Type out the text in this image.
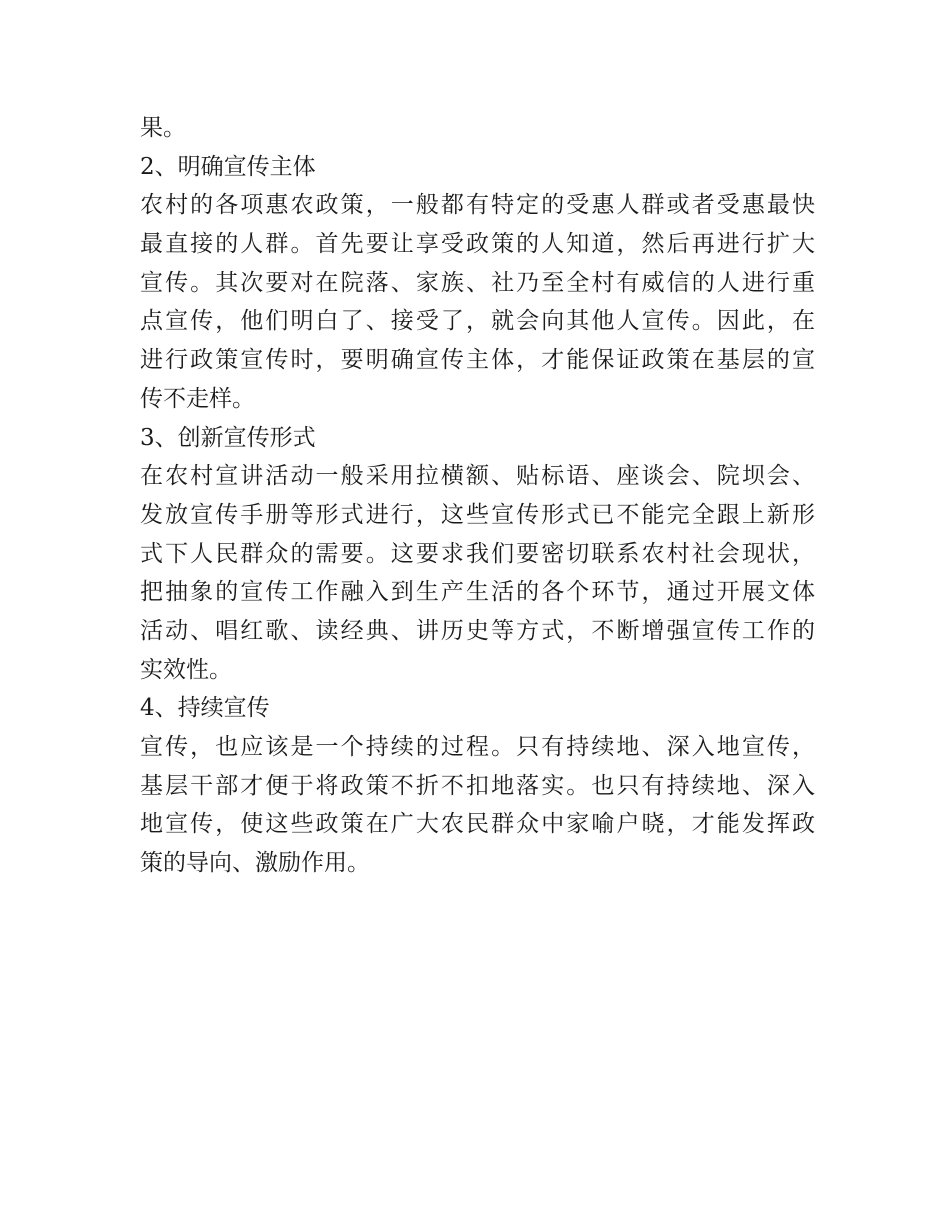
果。
2、明确宣传主体
农村的各项惠农政策，一般都有特定的受惠人群或者受惠最快
最直接的人群。首先要让享受政策的人知道，然后再进行扩大
宣传。其次要对在院落、家族、社乃至全村有威信的人进行重
点宣传，他们明白了、接受了，就会向其他人宣传。因此，在
进行政策宣传时，要明确宣传主体，才能保证政策在基层的宣
传不走样。
3、创新宣传形式
在农村宣讲活动一般采用拉横额、贴标语、座谈会、院坝会、
发放宣传手册等形式进行，这些宣传形式已不能完全跟上新形
式下人民群众的需要。这要求我们要密切联系农村社会现状，
把抽象的宣传工作融入到生产生活的各个环节，通过开展文体
活动、唱红歌、读经典、讲历史等方式，不断增强宣传工作的
实效性。
4、持续宣传
宣传，也应该是一个持续的过程。只有持续地、深入地宣传，
基层干部才便于将政策不折不扣地落实。也只有持续地、深入
地宣传，使这些政策在广大农民群众中家喻户晓，才能发挥政
策的导向、激励作用。
